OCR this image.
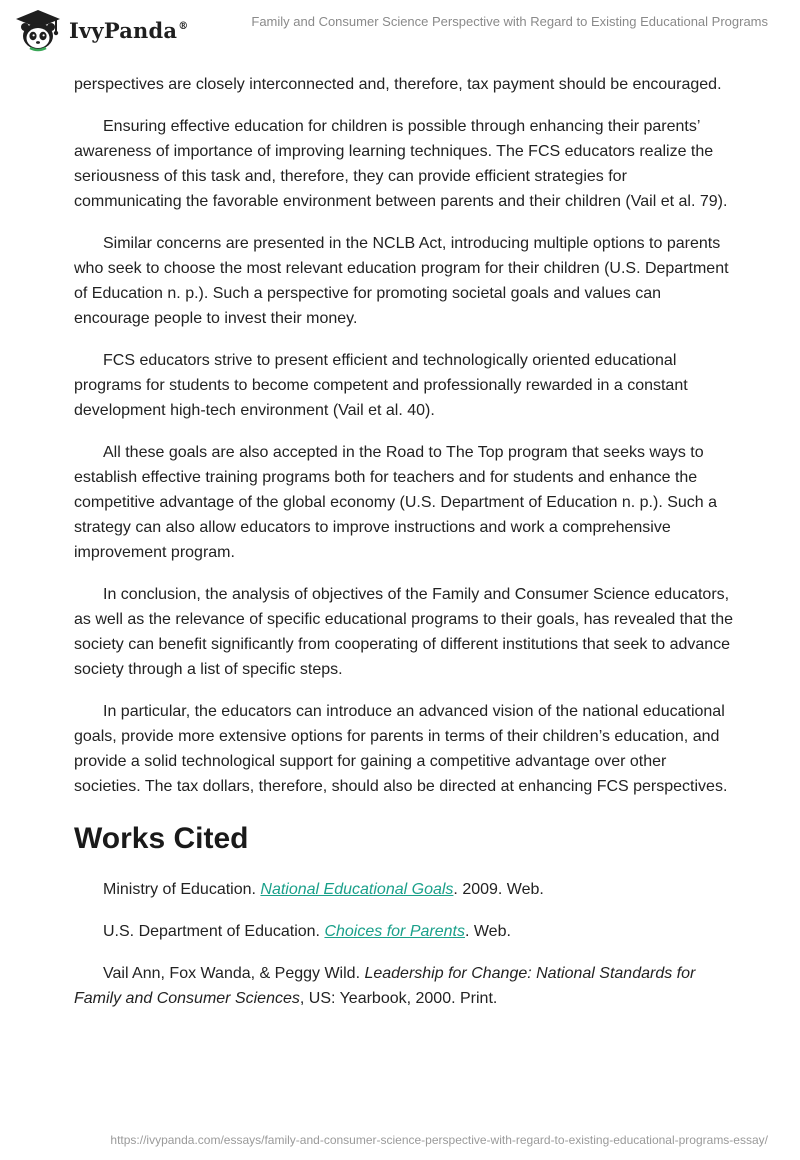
IvyPanda®	Family and Consumer Science Perspective with Regard to Existing Educational Programs

perspectives are closely interconnected and, therefore, tax payment should be encouraged.

Ensuring effective education for children is possible through enhancing their parents’ awareness of importance of improving learning techniques. The FCS educators realize the seriousness of this task and, therefore, they can provide efficient strategies for communicating the favorable environment between parents and their children (Vail et al. 79).

Similar concerns are presented in the NCLB Act, introducing multiple options to parents who seek to choose the most relevant education program for their children (U.S. Department of Education n. p.). Such a perspective for promoting societal goals and values can encourage people to invest their money.

FCS educators strive to present efficient and technologically oriented educational programs for students to become competent and professionally rewarded in a constant development high-tech environment (Vail et al. 40).

All these goals are also accepted in the Road to The Top program that seeks ways to establish effective training programs both for teachers and for students and enhance the competitive advantage of the global economy (U.S. Department of Education n. p.). Such a strategy can also allow educators to improve instructions and work a comprehensive improvement program.

In conclusion, the analysis of objectives of the Family and Consumer Science educators, as well as the relevance of specific educational programs to their goals, has revealed that the society can benefit significantly from cooperating of different institutions that seek to advance society through a list of specific steps.

In particular, the educators can introduce an advanced vision of the national educational goals, provide more extensive options for parents in terms of their children’s education, and provide a solid technological support for gaining a competitive advantage over other societies. The tax dollars, therefore, should also be directed at enhancing FCS perspectives.

Works Cited

Ministry of Education. National Educational Goals. 2009. Web.

U.S. Department of Education. Choices for Parents. Web.

Vail Ann, Fox Wanda, & Peggy Wild. Leadership for Change: National Standards for Family and Consumer Sciences, US: Yearbook, 2000. Print.

https://ivypanda.com/essays/family-and-consumer-science-perspective-with-regard-to-existing-educational-programs-essay/
